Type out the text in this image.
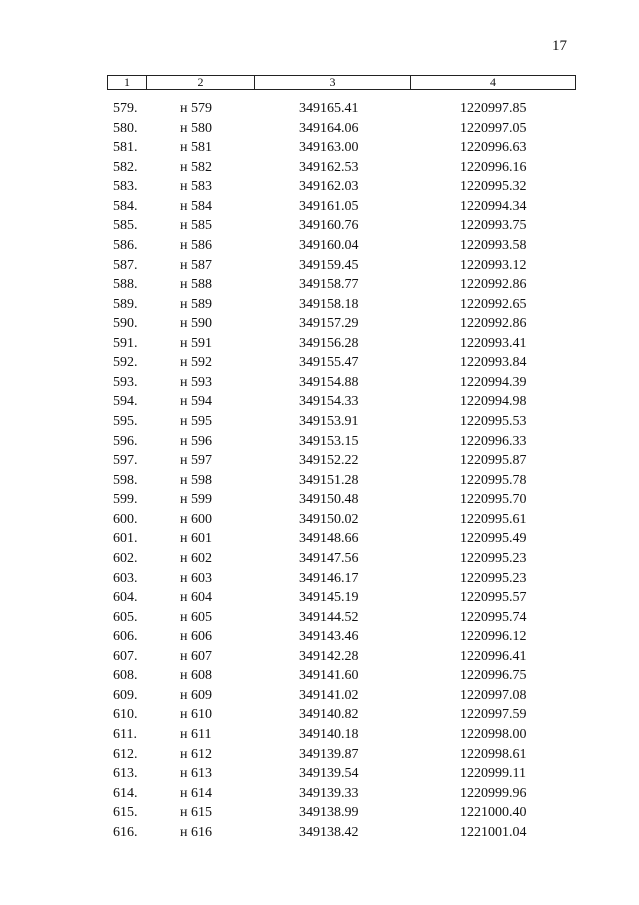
17
1	2	3	4
579.	н 579	349165.41	1220997.85
580.	н 580	349164.06	1220997.05
581.	н 581	349163.00	1220996.63
582.	н 582	349162.53	1220996.16
583.	н 583	349162.03	1220995.32
584.	н 584	349161.05	1220994.34
585.	н 585	349160.76	1220993.75
586.	н 586	349160.04	1220993.58
587.	н 587	349159.45	1220993.12
588.	н 588	349158.77	1220992.86
589.	н 589	349158.18	1220992.65
590.	н 590	349157.29	1220992.86
591.	н 591	349156.28	1220993.41
592.	н 592	349155.47	1220993.84
593.	н 593	349154.88	1220994.39
594.	н 594	349154.33	1220994.98
595.	н 595	349153.91	1220995.53
596.	н 596	349153.15	1220996.33
597.	н 597	349152.22	1220995.87
598.	н 598	349151.28	1220995.78
599.	н 599	349150.48	1220995.70
600.	н 600	349150.02	1220995.61
601.	н 601	349148.66	1220995.49
602.	н 602	349147.56	1220995.23
603.	н 603	349146.17	1220995.23
604.	н 604	349145.19	1220995.57
605.	н 605	349144.52	1220995.74
606.	н 606	349143.46	1220996.12
607.	н 607	349142.28	1220996.41
608.	н 608	349141.60	1220996.75
609.	н 609	349141.02	1220997.08
610.	н 610	349140.82	1220997.59
611.	н 611	349140.18	1220998.00
612.	н 612	349139.87	1220998.61
613.	н 613	349139.54	1220999.11
614.	н 614	349139.33	1220999.96
615.	н 615	349138.99	1221000.40
616.	н 616	349138.42	1221001.04
